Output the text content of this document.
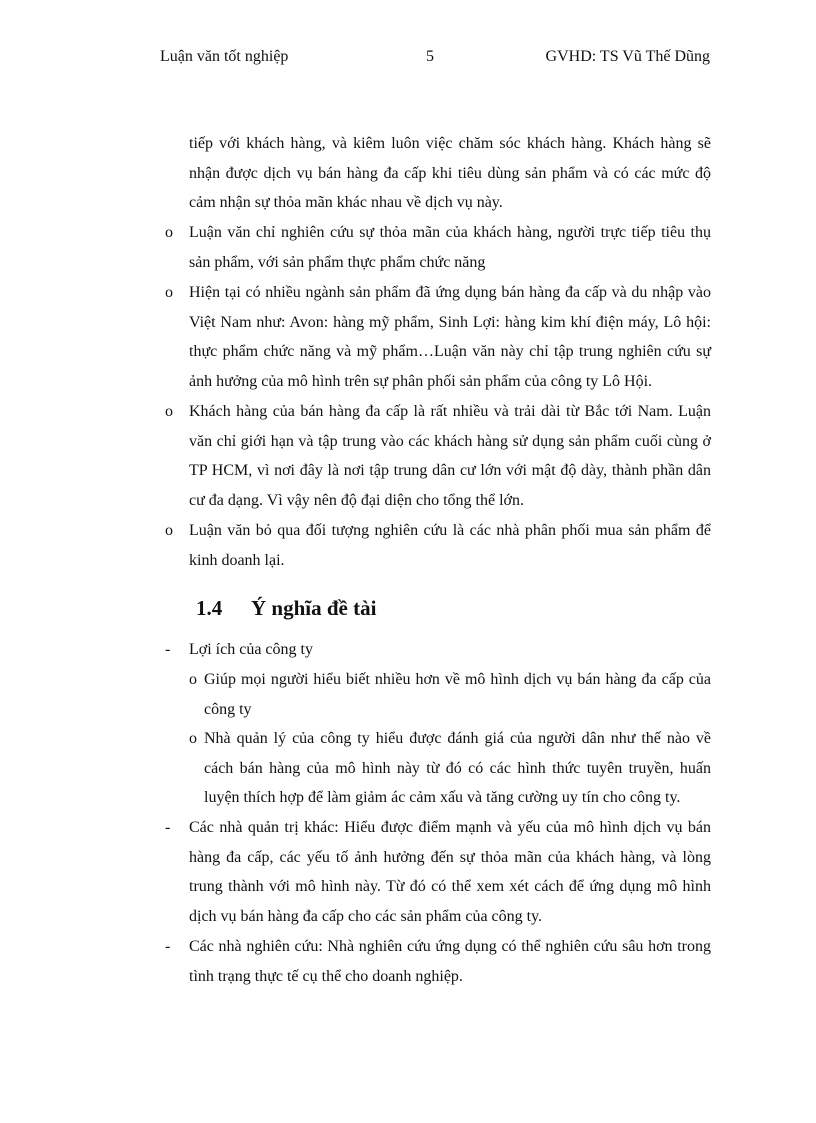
Luận văn tốt nghiệp	5	GVHD: TS Vũ Thế Dũng
tiếp với khách hàng, và kiêm luôn việc chăm sóc khách hàng. Khách hàng sẽ nhận được dịch vụ bán hàng đa cấp khi tiêu dùng sản phẩm và có các mức độ cảm nhận sự thỏa mãn khác nhau về dịch vụ này.
o Luận văn chỉ nghiên cứu sự thỏa mãn của khách hàng, người trực tiếp tiêu thụ sản phẩm, với sản phẩm thực phẩm chức năng
o Hiện tại có nhiều ngành sản phẩm đã ứng dụng bán hàng đa cấp và du nhập vào Việt Nam như: Avon: hàng mỹ phẩm, Sinh Lợi: hàng kim khí điện máy, Lô hội: thực phẩm chức năng và mỹ phẩm…Luận văn này chỉ tập trung nghiên cứu sự ảnh hưởng của mô hình trên sự phân phối sản phẩm của công ty Lô Hội.
o Khách hàng của bán hàng đa cấp là rất nhiều và trải dài từ Bắc tới Nam. Luận văn chỉ giới hạn và tập trung vào các khách hàng sử dụng sản phẩm cuối cùng ở TP HCM, vì nơi đây là nơi tập trung dân cư lớn với mật độ dày, thành phần dân cư đa dạng. Vì vậy nên độ đại diện cho tổng thể lớn.
o Luận văn bỏ qua đối tượng nghiên cứu là các nhà phân phối mua sản phẩm để kinh doanh lại.
1.4 Ý nghĩa đề tài
- Lợi ích của công ty
o Giúp mọi người hiểu biết nhiều hơn về mô hình dịch vụ bán hàng đa cấp của công ty
o Nhà quản lý của công ty hiểu được đánh giá của người dân như thế nào về cách bán hàng của mô hình này từ đó có các hình thức tuyên truyền, huấn luyện thích hợp để làm giảm ác cảm xấu và tăng cường uy tín cho công ty.
- Các nhà quản trị khác: Hiểu được điểm mạnh và yếu của mô hình dịch vụ bán hàng đa cấp, các yếu tố ảnh hưởng đến sự thỏa mãn của khách hàng, và lòng trung thành với mô hình này. Từ đó có thể xem xét cách để ứng dụng mô hình dịch vụ bán hàng đa cấp cho các sản phẩm của công ty.
- Các nhà nghiên cứu: Nhà nghiên cứu ứng dụng có thể nghiên cứu sâu hơn trong tình trạng thực tế cụ thể cho doanh nghiệp.
